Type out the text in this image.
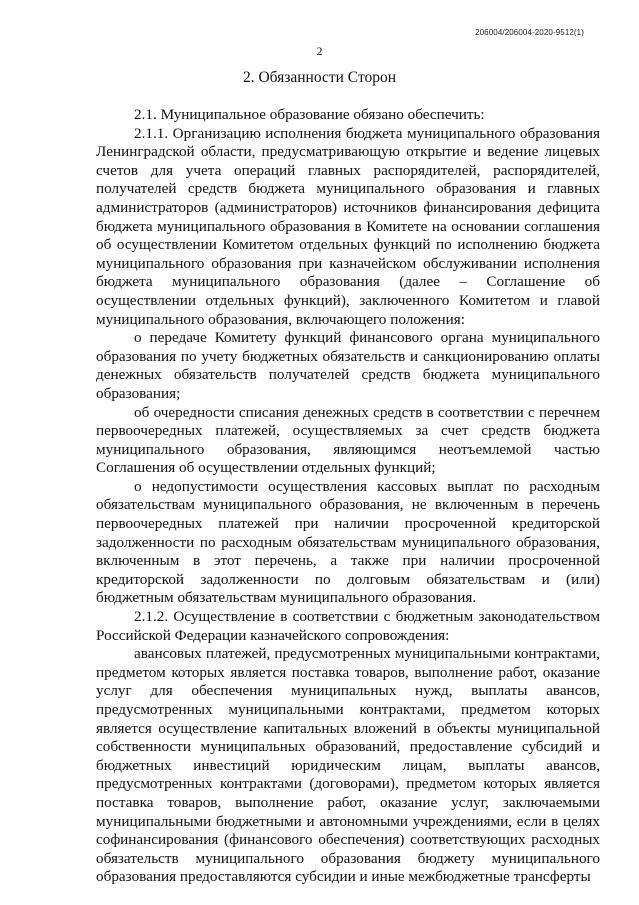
206004/206004-2020-9512(1)
2
2. Обязанности Сторон

2.1. Муниципальное образование обязано обеспечить:

2.1.1. Организацию исполнения бюджета муниципального образования Ленинградской области, предусматривающую открытие и ведение лицевых счетов для учета операций главных распорядителей, распорядителей, получателей средств бюджета муниципального образования и главных администраторов (администраторов) источников финансирования дефицита бюджета муниципального образования в Комитете на основании соглашения об осуществлении Комитетом отдельных функций по исполнению бюджета муниципального образования при казначейском обслуживании исполнения бюджета муниципального образования (далее – Соглашение об осуществлении отдельных функций), заключенного Комитетом и главой муниципального образования, включающего положения:

о передаче Комитету функций финансового органа муниципального образования по учету бюджетных обязательств и санкционированию оплаты денежных обязательств получателей средств бюджета муниципального образования;

об очередности списания денежных средств в соответствии с перечнем первоочередных платежей, осуществляемых за счет средств бюджета муниципального образования, являющимся неотъемлемой частью Соглашения об осуществлении отдельных функций;

о недопустимости осуществления кассовых выплат по расходным обязательствам муниципального образования, не включенным в перечень первоочередных платежей при наличии просроченной кредиторской задолженности по расходным обязательствам муниципального образования, включенным в этот перечень, а также при наличии просроченной кредиторской задолженности по долговым обязательствам и (или) бюджетным обязательствам муниципального образования.

2.1.2. Осуществление в соответствии с бюджетным законодательством Российской Федерации казначейского сопровождения:

авансовых платежей, предусмотренных муниципальными контрактами, предметом которых является поставка товаров, выполнение работ, оказание услуг для обеспечения муниципальных нужд, выплаты авансов, предусмотренных муниципальными контрактами, предметом которых является осуществление капитальных вложений в объекты муниципальной собственности муниципальных образований, предоставление субсидий и бюджетных инвестиций юридическим лицам, выплаты авансов, предусмотренных контрактами (договорами), предметом которых является поставка товаров, выполнение работ, оказание услуг, заключаемыми муниципальными бюджетными и автономными учреждениями, если в целях софинансирования (финансового обеспечения) соответствующих расходных обязательств муниципального образования бюджету муниципального образования предоставляются субсидии и иные межбюджетные трансферты
